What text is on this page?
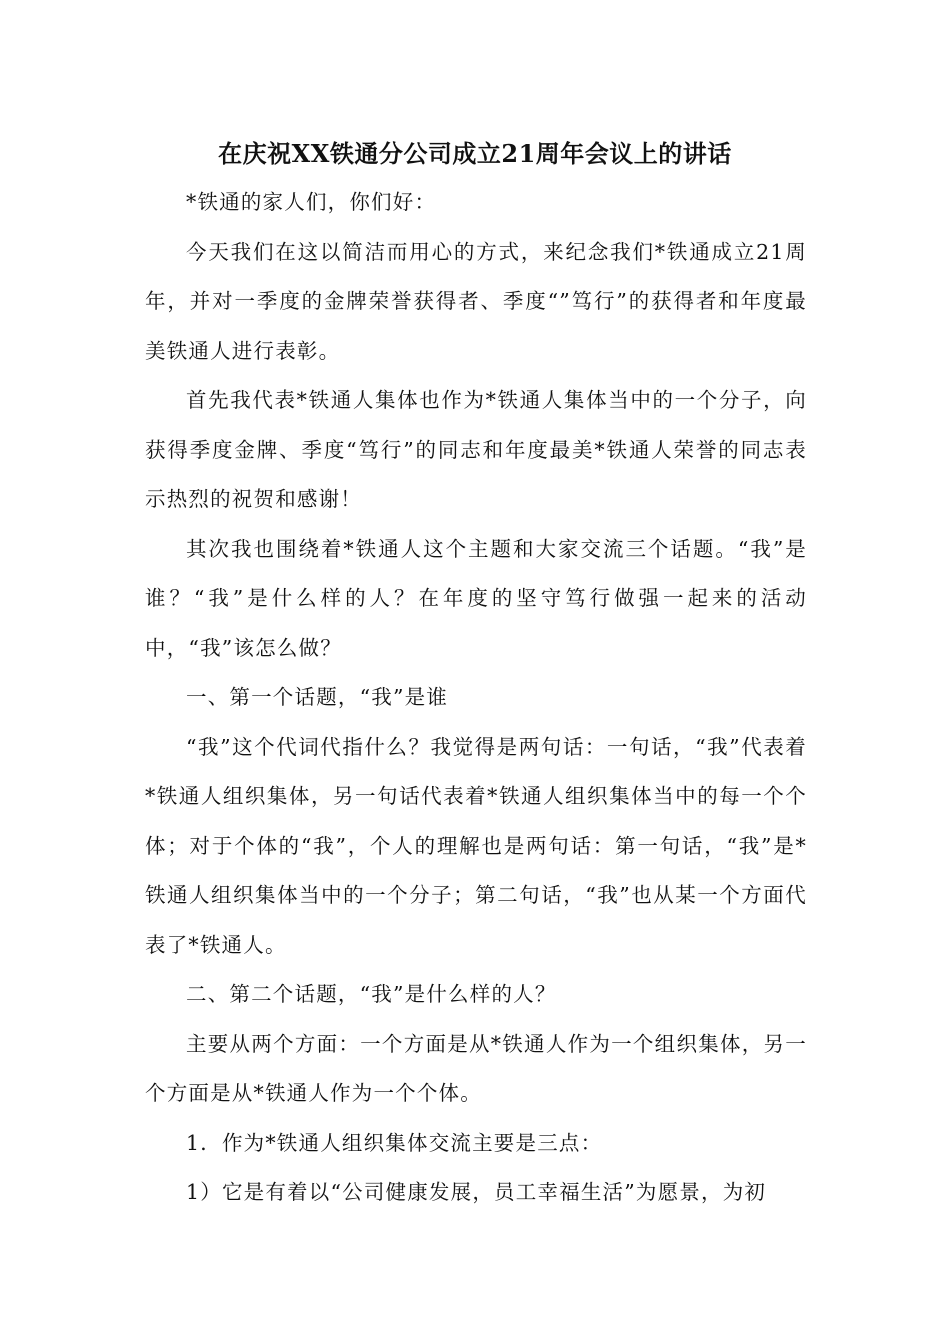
在庆祝XX铁通分公司成立21周年会议上的讲话

*铁通的家人们，你们好：

今天我们在这以简洁而用心的方式，来纪念我们*铁通成立21周年，并对一季度的金牌荣誉获得者、季度“”笃行”的获得者和年度最美铁通人进行表彰。

首先我代表*铁通人集体也作为*铁通人集体当中的一个分子，向获得季度金牌、季度“笃行”的同志和年度最美*铁通人荣誉的同志表示热烈的祝贺和感谢！

其次我也围绕着*铁通人这个主题和大家交流三个话题。“我”是谁？“我”是什么样的人？在年度的坚守笃行做强一起来的活动中，“我”该怎么做？

一、第一个话题，“我”是谁

“我”这个代词代指什么？我觉得是两句话：一句话，“我”代表着*铁通人组织集体，另一句话代表着*铁通人组织集体当中的每一个个体；对于个体的“我”，个人的理解也是两句话：第一句话，“我”是*铁通人组织集体当中的一个分子；第二句话，“我”也从某一个方面代表了*铁通人。

二、第二个话题，“我”是什么样的人？

主要从两个方面：一个方面是从*铁通人作为一个组织集体，另一个方面是从*铁通人作为一个个体。

1．作为*铁通人组织集体交流主要是三点：

1）它是有着以“公司健康发展，员工幸福生活”为愿景，为初
